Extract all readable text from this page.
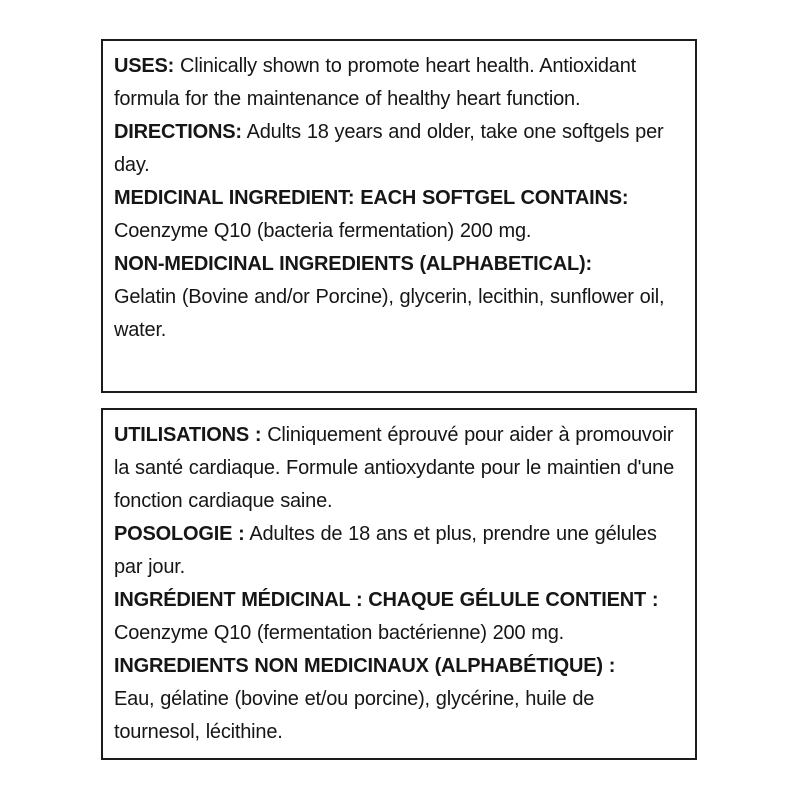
USES: Clinically shown to promote heart health. Antioxidant formula for the maintenance of healthy heart function.

DIRECTIONS: Adults 18 years and older, take one softgels per day.

MEDICINAL INGREDIENT: EACH SOFTGEL CONTAINS:
Coenzyme Q10 (bacteria fermentation) 200 mg.

NON-MEDICINAL INGREDIENTS (ALPHABETICAL):
Gelatin (Bovine and/or Porcine), glycerin, lecithin, sunflower oil, water.

UTILISATIONS : Cliniquement éprouvé pour aider à promouvoir la santé cardiaque. Formule antioxydante pour le maintien d'une fonction cardiaque saine.

POSOLOGIE : Adultes de 18 ans et plus, prendre une gélules par jour.

INGRÉDIENT MÉDICINAL : CHAQUE GÉLULE CONTIENT :
Coenzyme Q10 (fermentation bactérienne) 200 mg.

INGREDIENTS NON MEDICINAUX (ALPHABÉTIQUE) :
Eau, gélatine (bovine et/ou porcine), glycérine, huile de tournesol, lécithine.
